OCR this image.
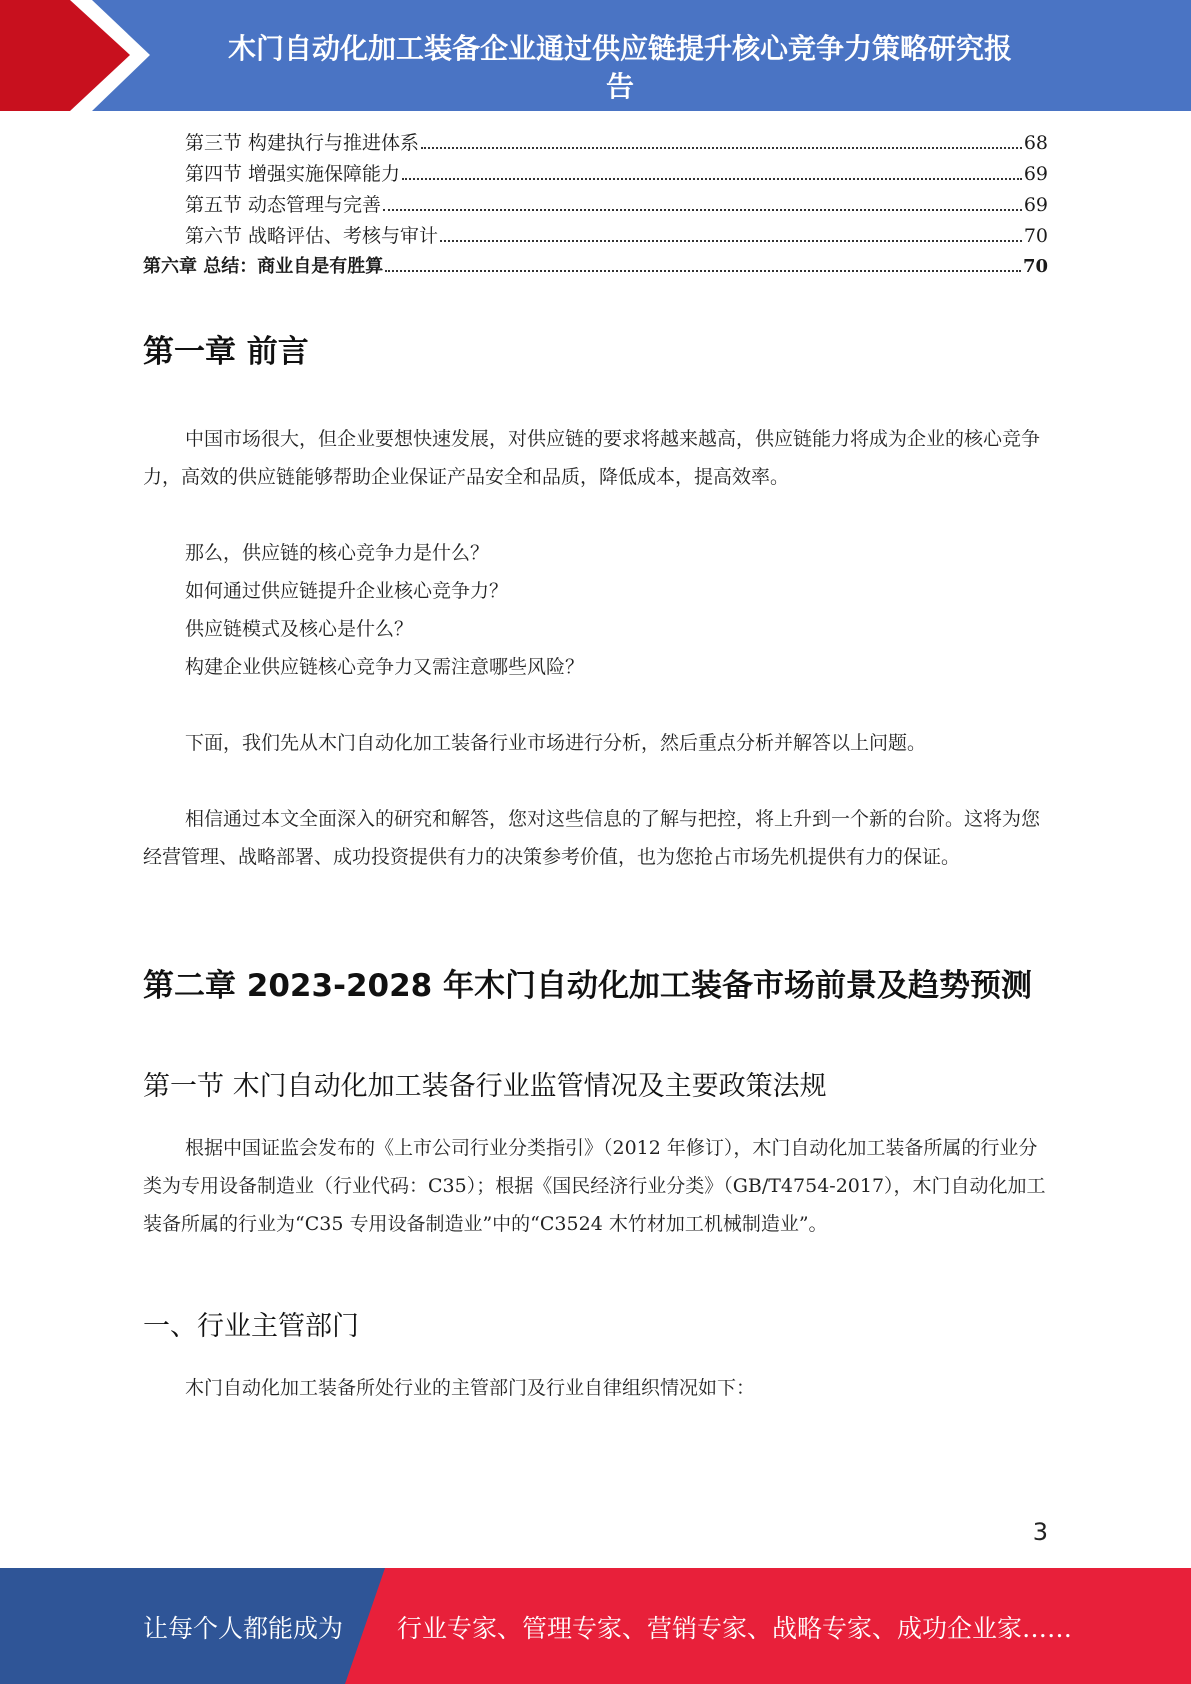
木门自动化加工装备企业通过供应链提升核心竞争力策略研究报
告
第三节 构建执行与推进体系	68
第四节 增强实施保障能力	69
第五节 动态管理与完善	69
第六节 战略评估、考核与审计	70
第六章 总结：商业自是有胜算	70
第一章 前言
中国市场很大，但企业要想快速发展，对供应链的要求将越来越高，供应链能力将成为企业的核心竞争力，高效的供应链能够帮助企业保证产品安全和品质，降低成本，提高效率。
那么，供应链的核心竞争力是什么？
如何通过供应链提升企业核心竞争力？
供应链模式及核心是什么？
构建企业供应链核心竞争力又需注意哪些风险？
下面，我们先从木门自动化加工装备行业市场进行分析，然后重点分析并解答以上问题。
相信通过本文全面深入的研究和解答，您对这些信息的了解与把控，将上升到一个新的台阶。这将为您经营管理、战略部署、成功投资提供有力的决策参考价值，也为您抢占市场先机提供有力的保证。
第二章 2023-2028 年木门自动化加工装备市场前景及趋势预测
第一节 木门自动化加工装备行业监管情况及主要政策法规
根据中国证监会发布的《上市公司行业分类指引》（2012 年修订），木门自动化加工装备所属的行业分类为专用设备制造业（行业代码：C35）；根据《国民经济行业分类》（GB/T4754-2017），木门自动化加工装备所属的行业为“C35 专用设备制造业”中的“C3524 木竹材加工机械制造业”。
一、行业主管部门
木门自动化加工装备所处行业的主管部门及行业自律组织情况如下：
3
让每个人都能成为 行业专家、管理专家、营销专家、战略专家、成功企业家……
